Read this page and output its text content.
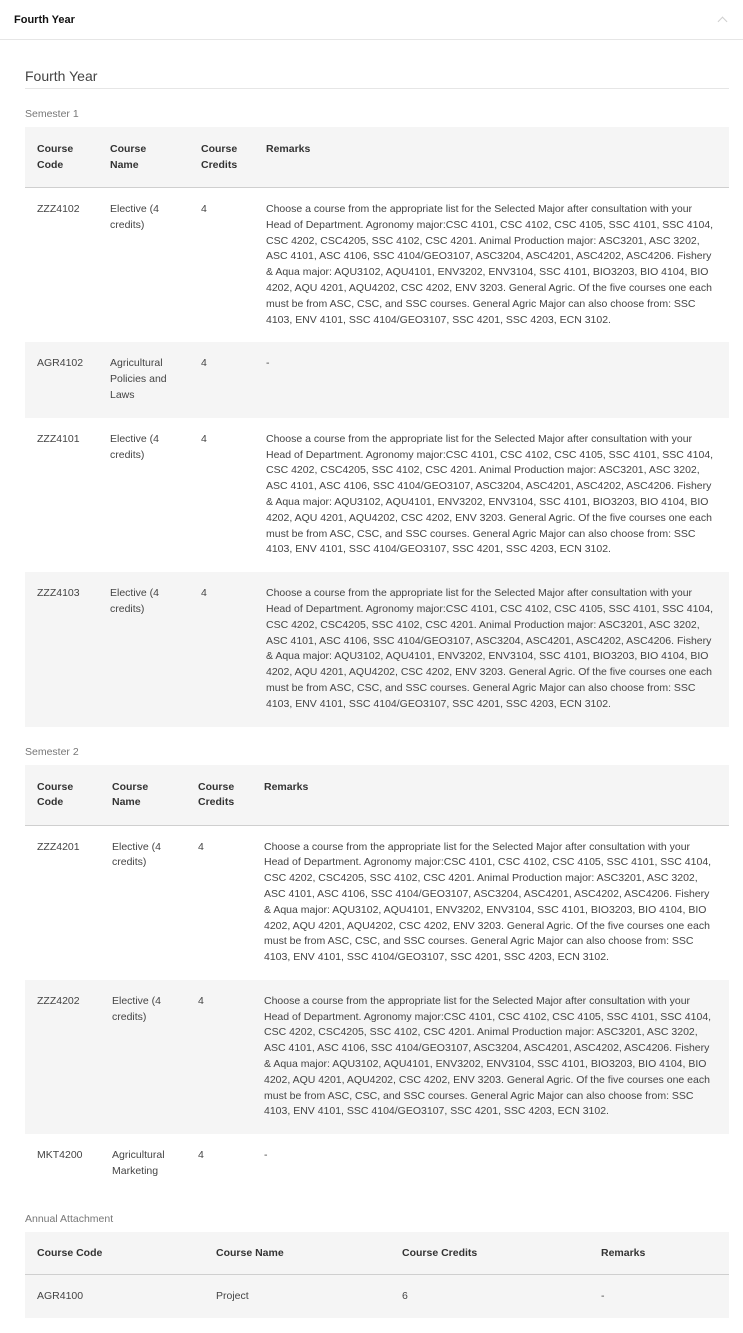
Fourth Year
Fourth Year
Semester 1
Course Code	Course Name	Course Credits	Remarks
ZZZ4102	Elective (4 credits)	4	Choose a course from the appropriate list for the Selected Major after consultation with your Head of Department. Agronomy major:CSC 4101, CSC 4102, CSC 4105, SSC 4101, SSC 4104, CSC 4202, CSC4205, SSC 4102, CSC 4201. Animal Production major: ASC3201, ASC 3202, ASC 4101, ASC 4106, SSC 4104/GEO3107, ASC3204, ASC4201, ASC4202, ASC4206. Fishery & Aqua major: AQU3102, AQU4101, ENV3202, ENV3104, SSC 4101, BIO3203, BIO 4104, BIO 4202, AQU 4201, AQU4202, CSC 4202, ENV 3203. General Agric. Of the five courses one each must be from ASC, CSC, and SSC courses. General Agric Major can also choose from: SSC 4103, ENV 4101, SSC 4104/GEO3107, SSC 4201, SSC 4203, ECN 3102.
AGR4102	Agricultural Policies and Laws	4	-
ZZZ4101	Elective (4 credits)	4	Choose a course from the appropriate list for the Selected Major after consultation with your Head of Department. Agronomy major:CSC 4101, CSC 4102, CSC 4105, SSC 4101, SSC 4104, CSC 4202, CSC4205, SSC 4102, CSC 4201. Animal Production major: ASC3201, ASC 3202, ASC 4101, ASC 4106, SSC 4104/GEO3107, ASC3204, ASC4201, ASC4202, ASC4206. Fishery & Aqua major: AQU3102, AQU4101, ENV3202, ENV3104, SSC 4101, BIO3203, BIO 4104, BIO 4202, AQU 4201, AQU4202, CSC 4202, ENV 3203. General Agric. Of the five courses one each must be from ASC, CSC, and SSC courses. General Agric Major can also choose from: SSC 4103, ENV 4101, SSC 4104/GEO3107, SSC 4201, SSC 4203, ECN 3102.
ZZZ4103	Elective (4 credits)	4	Choose a course from the appropriate list for the Selected Major after consultation with your Head of Department. Agronomy major:CSC 4101, CSC 4102, CSC 4105, SSC 4101, SSC 4104, CSC 4202, CSC4205, SSC 4102, CSC 4201. Animal Production major: ASC3201, ASC 3202, ASC 4101, ASC 4106, SSC 4104/GEO3107, ASC3204, ASC4201, ASC4202, ASC4206. Fishery & Aqua major: AQU3102, AQU4101, ENV3202, ENV3104, SSC 4101, BIO3203, BIO 4104, BIO 4202, AQU 4201, AQU4202, CSC 4202, ENV 3203. General Agric. Of the five courses one each must be from ASC, CSC, and SSC courses. General Agric Major can also choose from: SSC 4103, ENV 4101, SSC 4104/GEO3107, SSC 4201, SSC 4203, ECN 3102.
Semester 2
Course Code	Course Name	Course Credits	Remarks
ZZZ4201	Elective (4 credits)	4	Choose a course from the appropriate list for the Selected Major after consultation with your Head of Department. Agronomy major:CSC 4101, CSC 4102, CSC 4105, SSC 4101, SSC 4104, CSC 4202, CSC4205, SSC 4102, CSC 4201. Animal Production major: ASC3201, ASC 3202, ASC 4101, ASC 4106, SSC 4104/GEO3107, ASC3204, ASC4201, ASC4202, ASC4206. Fishery & Aqua major: AQU3102, AQU4101, ENV3202, ENV3104, SSC 4101, BIO3203, BIO 4104, BIO 4202, AQU 4201, AQU4202, CSC 4202, ENV 3203. General Agric. Of the five courses one each must be from ASC, CSC, and SSC courses. General Agric Major can also choose from: SSC 4103, ENV 4101, SSC 4104/GEO3107, SSC 4201, SSC 4203, ECN 3102.
ZZZ4202	Elective (4 credits)	4	Choose a course from the appropriate list for the Selected Major after consultation with your Head of Department. Agronomy major:CSC 4101, CSC 4102, CSC 4105, SSC 4101, SSC 4104, CSC 4202, CSC4205, SSC 4102, CSC 4201. Animal Production major: ASC3201, ASC 3202, ASC 4101, ASC 4106, SSC 4104/GEO3107, ASC3204, ASC4201, ASC4202, ASC4206. Fishery & Aqua major: AQU3102, AQU4101, ENV3202, ENV3104, SSC 4101, BIO3203, BIO 4104, BIO 4202, AQU 4201, AQU4202, CSC 4202, ENV 3203. General Agric. Of the five courses one each must be from ASC, CSC, and SSC courses. General Agric Major can also choose from: SSC 4103, ENV 4101, SSC 4104/GEO3107, SSC 4201, SSC 4203, ECN 3102.
MKT4200	Agricultural Marketing	4	-
Annual Attachment
Course Code	Course Name	Course Credits	Remarks
AGR4100	Project	6	-
